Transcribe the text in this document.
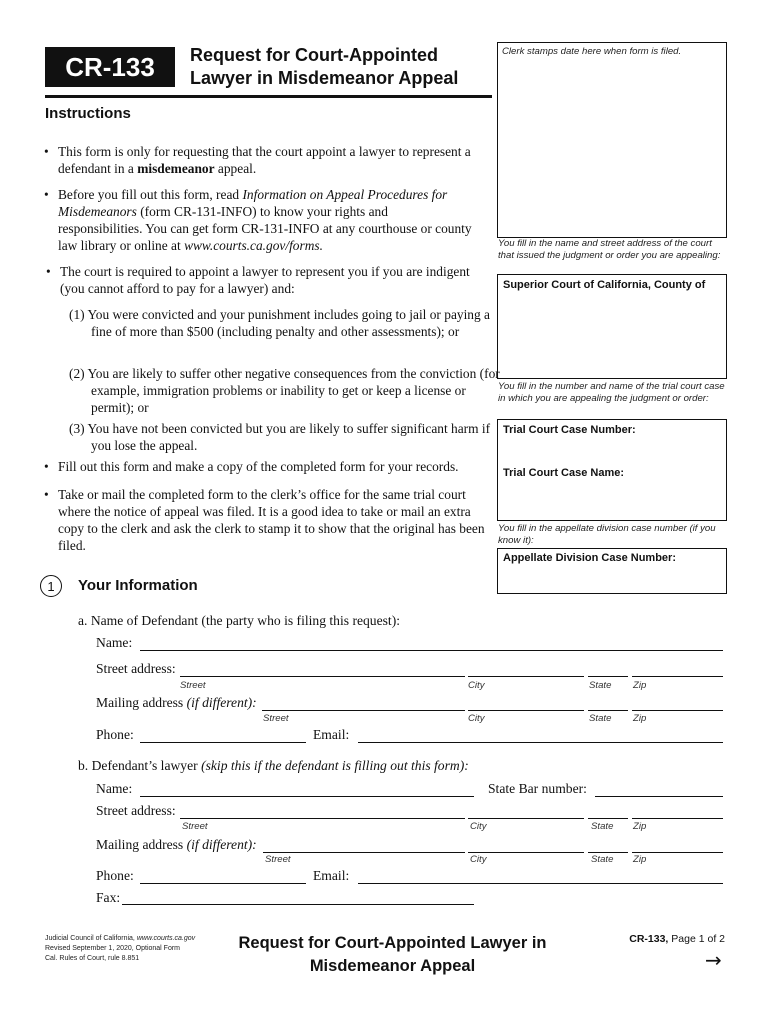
CR-133 Request for Court-Appointed
Lawyer in Misdemeanor Appeal
Clerk stamps date here when form is filed.
Instructions
• This form is only for requesting that the court appoint a lawyer to represent a defendant in a misdemeanor appeal.
• Before you fill out this form, read Information on Appeal Procedures for Misdemeanors (form CR-131-INFO) to know your rights and responsibilities. You can get form CR-131-INFO at any courthouse or county law library or online at www.courts.ca.gov/forms.
• The court is required to appoint a lawyer to represent you if you are indigent (you cannot afford to pay for a lawyer) and:
(1) You were convicted and your punishment includes going to jail or paying a fine of more than $500 (including penalty and other assessments); or
(2) You are likely to suffer other negative consequences from the conviction (for example, immigration problems or inability to get or keep a license or permit); or
(3) You have not been convicted but you are likely to suffer significant harm if you lose the appeal.
• Fill out this form and make a copy of the completed form for your records.
• Take or mail the completed form to the clerk’s office for the same trial court where the notice of appeal was filed. It is a good idea to take or mail an extra copy to the clerk and ask the clerk to stamp it to show that the original has been filed.
You fill in the name and street address of the court that issued the judgment or order you are appealing:
Superior Court of California, County of
You fill in the number and name of the trial court case in which you are appealing the judgment or order:
Trial Court Case Number:
Trial Court Case Name:
You fill in the appellate division case number (if you know it):
Appellate Division Case Number:
1 Your Information
a. Name of Defendant (the party who is filing this request):
Name:
Street address:
Street	City	State Zip
Mailing address (if different):
Street	City	State Zip
Phone:	Email:
b. Defendant’s lawyer (skip this if the defendant is filling out this form):
Name:	State Bar number:
Street address:
Street	City	State Zip
Mailing address (if different):
Street	City	State Zip
Phone:	Email:
Fax:
Judicial Council of California, www.courts.ca.gov
Revised September 1, 2020, Optional Form
Cal. Rules of Court, rule 8.851
Request for Court-Appointed Lawyer in
Misdemeanor Appeal
CR-133, Page 1 of 2
→
